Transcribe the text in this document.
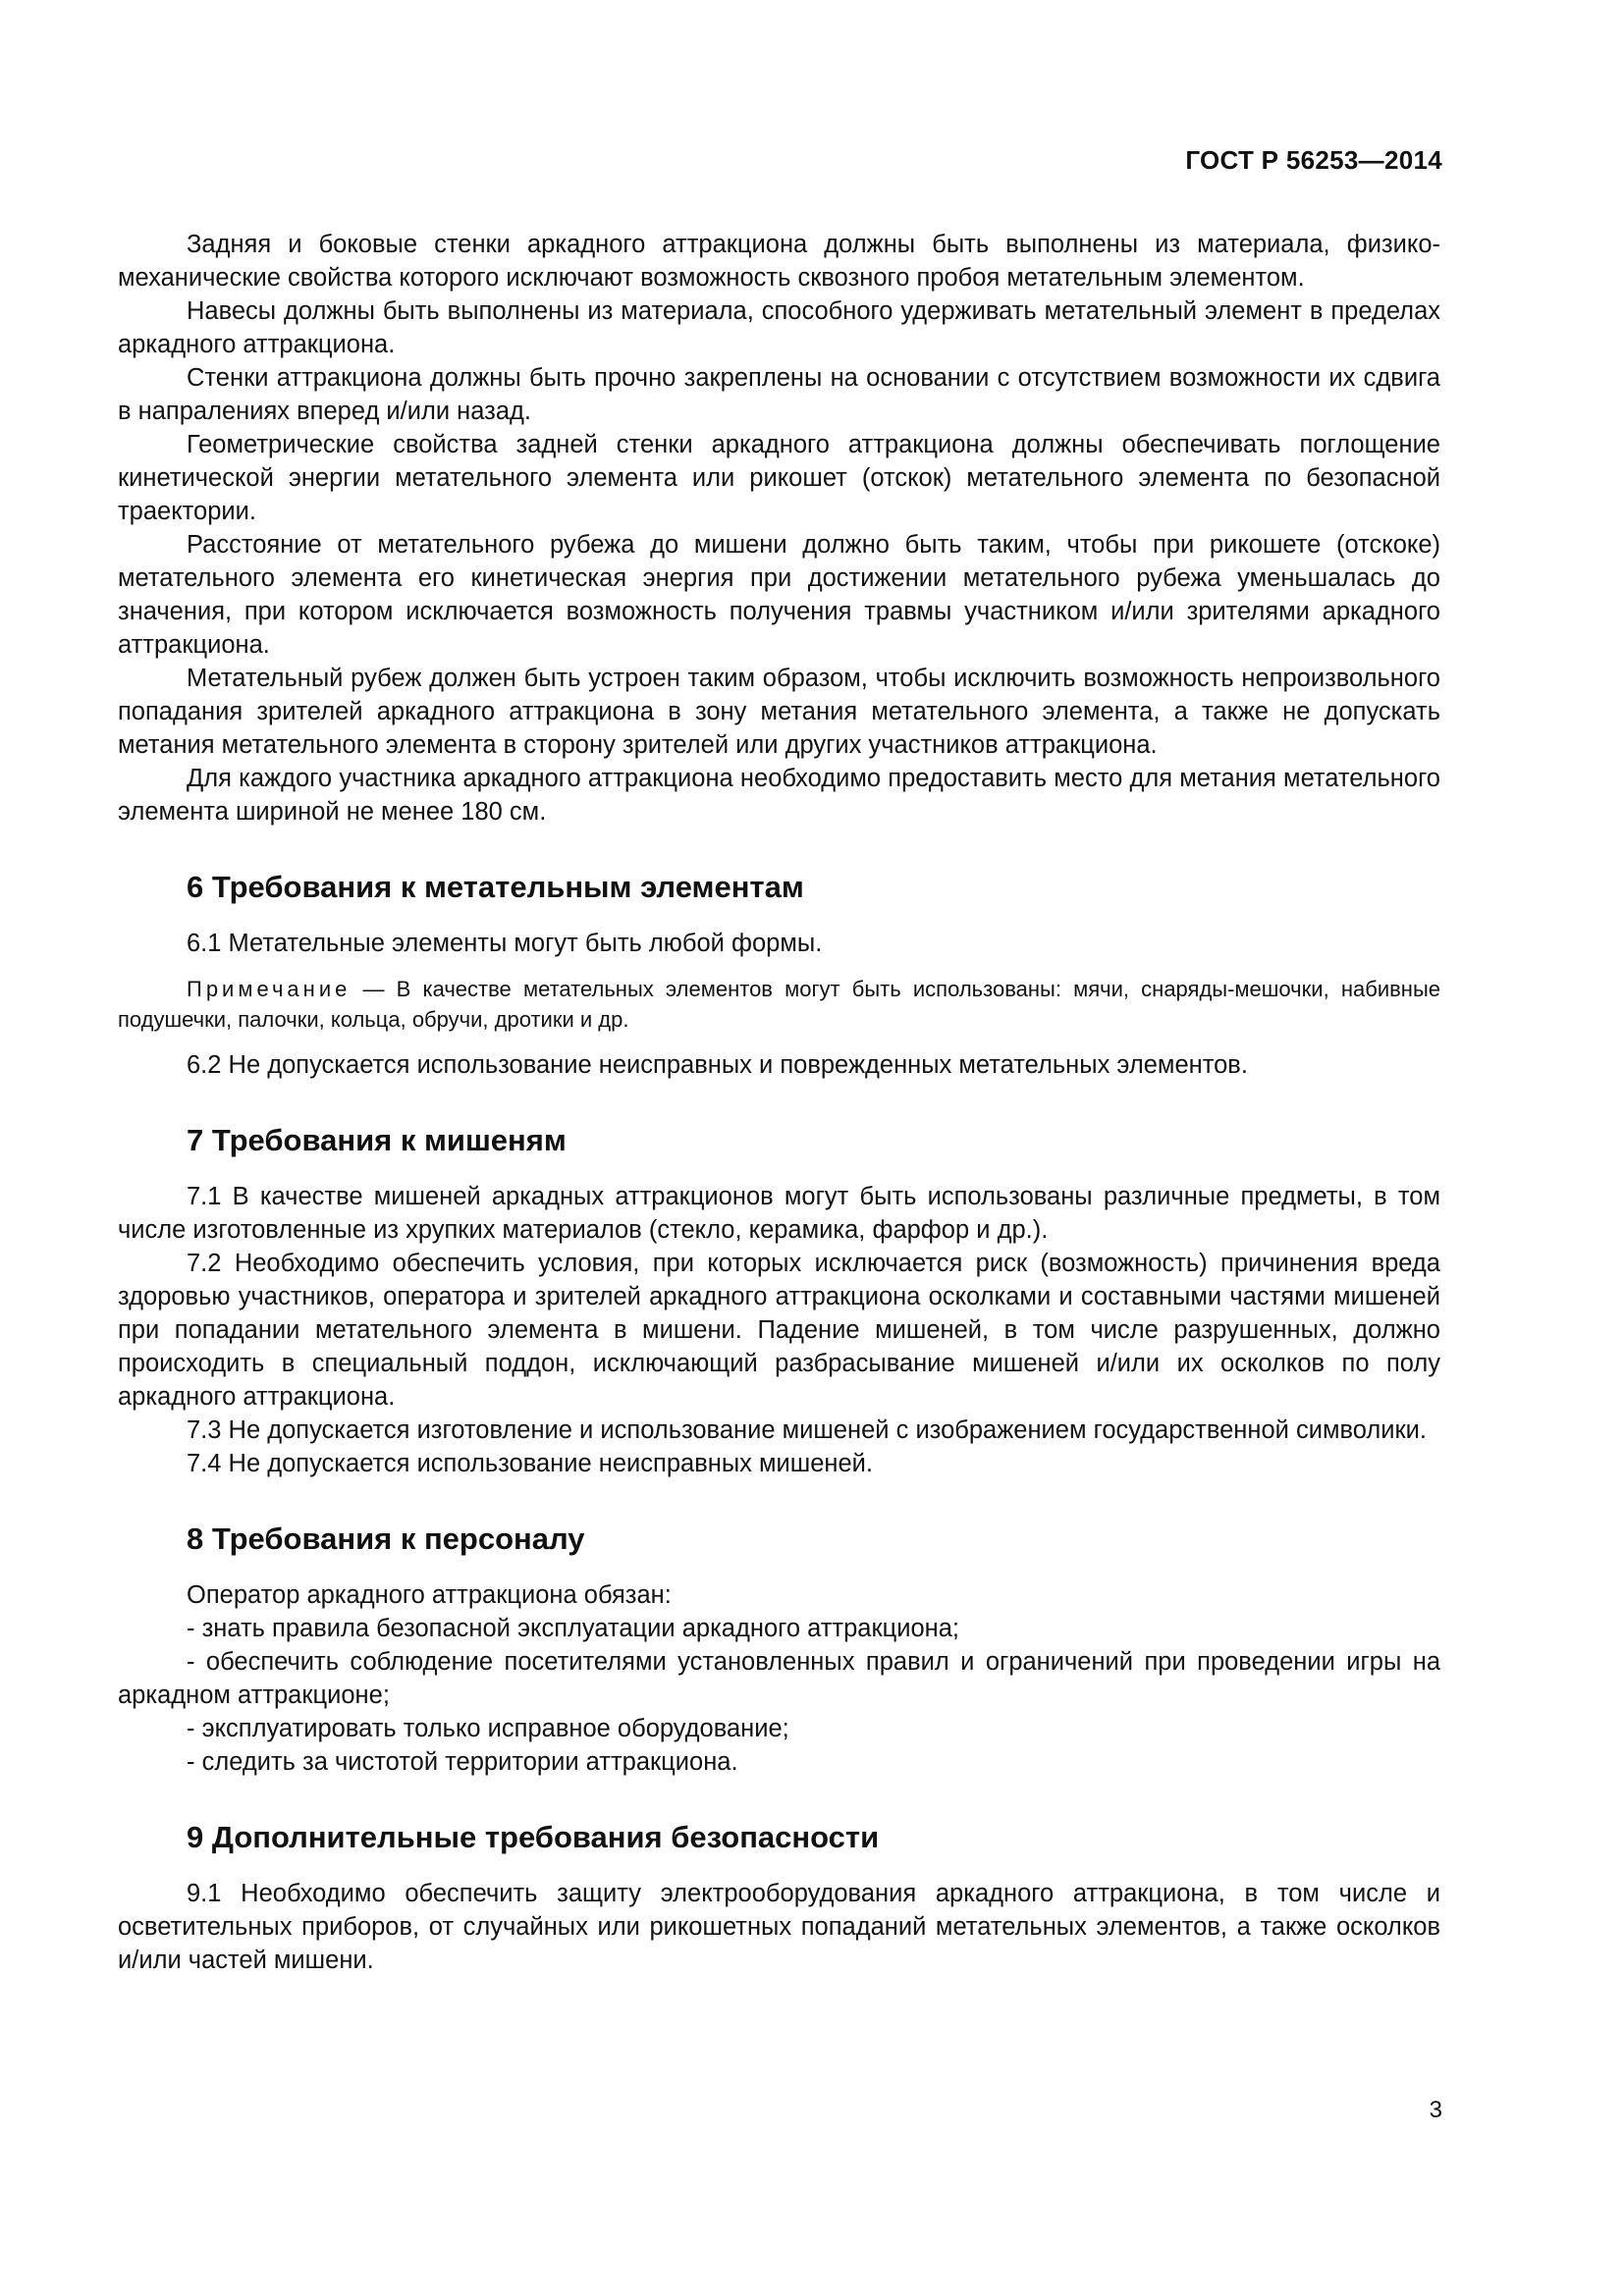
ГОСТ Р 56253—2014

Задняя и боковые стенки аркадного аттракциона должны быть выполнены из материала, физико-механические свойства которого исключают возможность сквозного пробоя метательным элементом.

Навесы должны быть выполнены из материала, способного удерживать метательный элемент в пределах аркадного аттракциона.

Стенки аттракциона должны быть прочно закреплены на основании с отсутствием возможности их сдвига в напралениях вперед и/или назад.

Геометрические свойства задней стенки аркадного аттракциона должны обеспечивать поглощение кинетической энергии метательного элемента или рикошет (отскок) метательного элемента по безопасной траектории.

Расстояние от метательного рубежа до мишени должно быть таким, чтобы при рикошете (отскоке) метательного элемента его кинетическая энергия при достижении метательного рубежа уменьшалась до значения, при котором исключается возможность получения травмы участником и/или зрителями аркадного аттракциона.

Метательный рубеж должен быть устроен таким образом, чтобы исключить возможность непроизвольного попадания зрителей аркадного аттракциона в зону метания метательного элемента, а также не допускать метания метательного элемента в сторону зрителей или других участников аттракциона.

Для каждого участника аркадного аттракциона необходимо предоставить место для метания метательного элемента шириной не менее 180 см.

6 Требования к метательным элементам

6.1 Метательные элементы могут быть любой формы.

Примечание — В качестве метательных элементов могут быть использованы: мячи, снаряды-мешочки, набивные подушечки, палочки, кольца, обручи, дротики и др.

6.2 Не допускается использование неисправных и поврежденных метательных элементов.

7 Требования к мишеням

7.1 В качестве мишеней аркадных аттракционов могут быть использованы различные предметы, в том числе изготовленные из хрупких материалов (стекло, керамика, фарфор и др.).

7.2 Необходимо обеспечить условия, при которых исключается риск (возможность) причинения вреда здоровью участников, оператора и зрителей аркадного аттракциона осколками и составными частями мишеней при попадании метательного элемента в мишени. Падение мишеней, в том числе разрушенных, должно происходить в специальный поддон, исключающий разбрасывание мишеней и/или их осколков по полу аркадного аттракциона.

7.3 Не допускается изготовление и использование мишеней с изображением государственной символики.

7.4 Не допускается использование неисправных мишеней.

8 Требования к персоналу

Оператор аркадного аттракциона обязан:

- знать правила безопасной эксплуатации аркадного аттракциона;

- обеспечить соблюдение посетителями установленных правил и ограничений при проведении игры на аркадном аттракционе;

- эксплуатировать только исправное оборудование;

- следить за чистотой территории аттракциона.

9 Дополнительные требования безопасности

9.1 Необходимо обеспечить защиту электрооборудования аркадного аттракциона, в том числе и осветительных приборов, от случайных или рикошетных попаданий метательных элементов, а также осколков и/или частей мишени.

3
